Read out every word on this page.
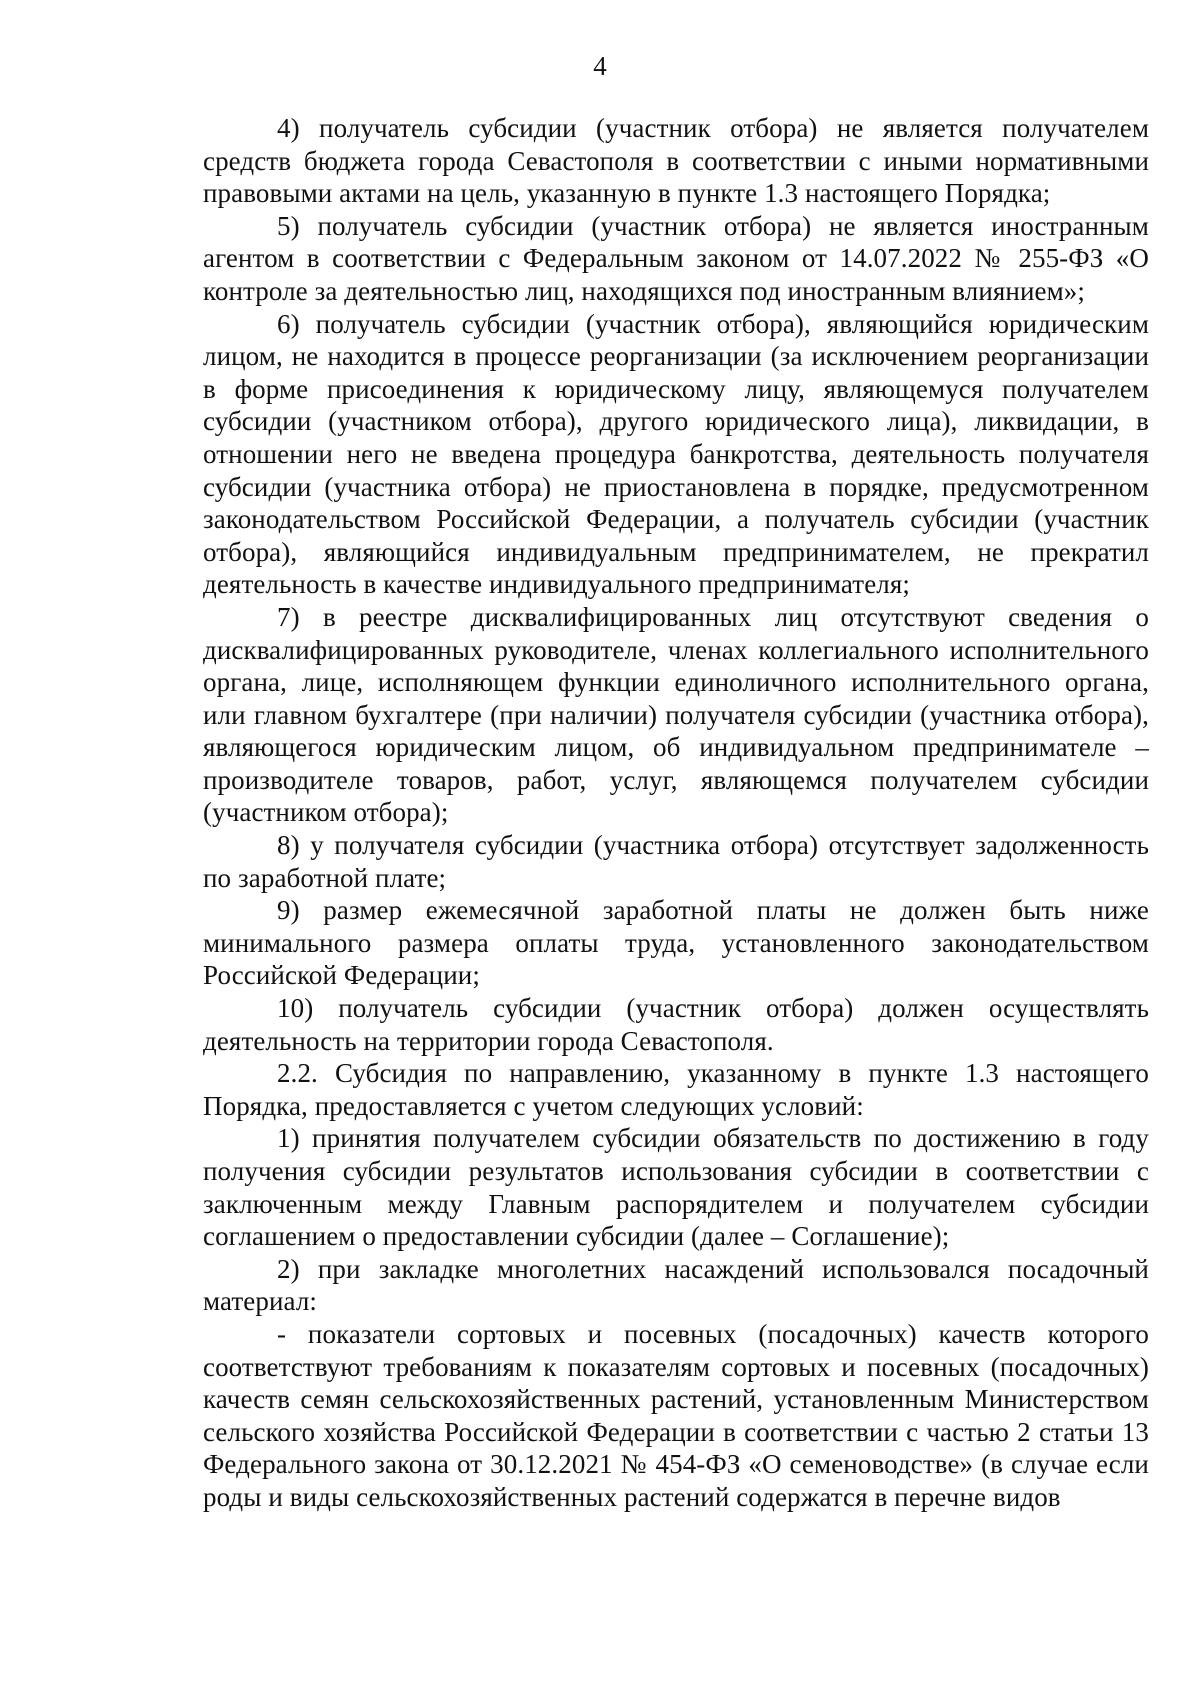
4

4) получатель субсидии (участник отбора) не является получателем средств бюджета города Севастополя в соответствии с иными нормативными правовыми актами на цель, указанную в пункте 1.3 настоящего Порядка;

5) получатель субсидии (участник отбора) не является иностранным агентом в соответствии с Федеральным законом от 14.07.2022 № 255-ФЗ «О контроле за деятельностью лиц, находящихся под иностранным влиянием»;

6) получатель субсидии (участник отбора), являющийся юридическим лицом, не находится в процессе реорганизации (за исключением реорганизации в форме присоединения к юридическому лицу, являющемуся получателем субсидии (участником отбора), другого юридического лица), ликвидации, в отношении него не введена процедура банкротства, деятельность получателя субсидии (участника отбора) не приостановлена в порядке, предусмотренном законодательством Российской Федерации, а получатель субсидии (участник отбора), являющийся индивидуальным предпринимателем, не прекратил деятельность в качестве индивидуального предпринимателя;

7) в реестре дисквалифицированных лиц отсутствуют сведения о дисквалифицированных руководителе, членах коллегиального исполнительного органа, лице, исполняющем функции единоличного исполнительного органа, или главном бухгалтере (при наличии) получателя субсидии (участника отбора), являющегося юридическим лицом, об индивидуальном предпринимателе – производителе товаров, работ, услуг, являющемся получателем субсидии (участником отбора);

8) у получателя субсидии (участника отбора) отсутствует задолженность по заработной плате;

9) размер ежемесячной заработной платы не должен быть ниже минимального размера оплаты труда, установленного законодательством Российской Федерации;

10) получатель субсидии (участник отбора) должен осуществлять деятельность на территории города Севастополя.

2.2. Субсидия по направлению, указанному в пункте 1.3 настоящего Порядка, предоставляется с учетом следующих условий:

1) принятия получателем субсидии обязательств по достижению в году получения субсидии результатов использования субсидии в соответствии с заключенным между Главным распорядителем и получателем субсидии соглашением о предоставлении субсидии (далее – Соглашение);

2) при закладке многолетних насаждений использовался посадочный материал:

- показатели сортовых и посевных (посадочных) качеств которого соответствуют требованиям к показателям сортовых и посевных (посадочных) качеств семян сельскохозяйственных растений, установленным Министерством сельского хозяйства Российской Федерации в соответствии с частью 2 статьи 13 Федерального закона от 30.12.2021 № 454-ФЗ «О семеноводстве» (в случае если роды и виды сельскохозяйственных растений содержатся в перечне видов
